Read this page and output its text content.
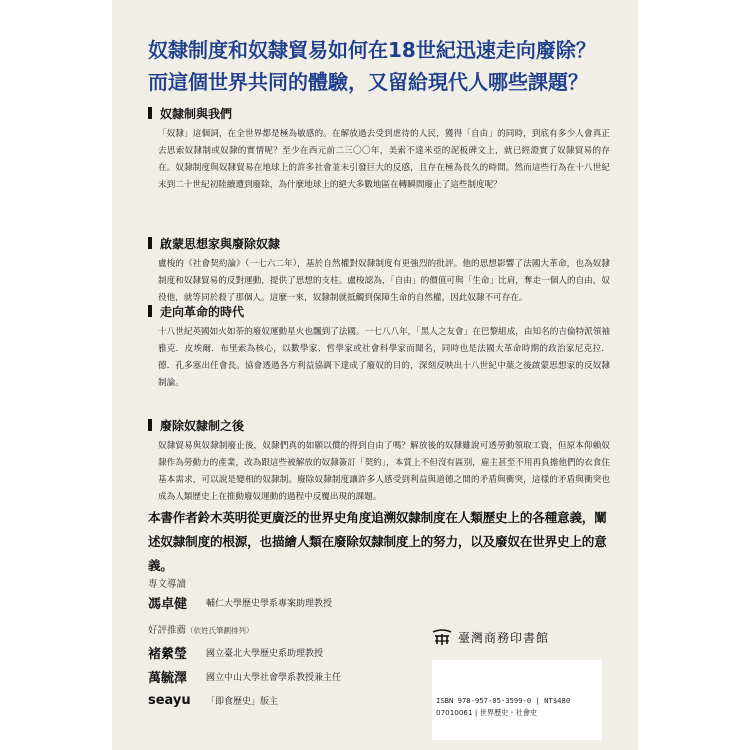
奴隸制度和奴隸貿易如何在18世紀迅速走向廢除？
而這個世界共同的體驗，又留給現代人哪些課題？
奴隸制與我們

「奴隸」這個詞，在全世界都是極為敏感的。在解放過去受到虐待的人民，獲得「自由」的同時，到底有多少人會真正去思索奴隸制或奴隸的實情呢？至少在西元前二三〇〇年，美索不達米亞的泥板碑文上，就已經證實了奴隸貿易的存在。奴隸制度與奴隸貿易在地球上的許多社會並未引發巨大的反感，且存在極為長久的時間。然而這些行為在十八世紀末到二十世紀初陸續遭到廢除，為什麼地球上的絕大多數地區在轉瞬間廢止了這些制度呢？

啟蒙思想家與廢除奴隸

盧梭的《社會契約論》（一七六二年），基於自然權對奴隸制度有更強烈的批評。他的思想影響了法國大革命，也為奴隸制度和奴隸貿易的反對運動，提供了思想的支柱。盧梭認為，「自由」的價值可與「生命」比肩，奪走一個人的自由，奴役他，就等同於殺了那個人。這麼一來，奴隸制就抵觸到保障生命的自然權，因此奴隸不可存在。

走向革命的時代

十八世紀英國如火如荼的廢奴運動星火也飄到了法國。一七八八年，「黑人之友會」在巴黎組成，由知名的吉倫特派領袖雅克．皮埃爾．布里索為核心，以數學家、哲學家或社會科學家而聞名，同時也是法國大革命時期的政治家尼克拉．德．孔多塞出任會長。協會透過各方利益協調下達成了廢奴的目的，深刻反映出十八世紀中葉之後啟蒙思想家的反奴隸制論。

廢除奴隸制之後

奴隸貿易與奴隸制廢止後，奴隸們真的如願以償的得到自由了嗎？解放後的奴隸雖說可透勞動領取工資，但原本仰賴奴隸作為勞動力的產業，改為跟這些被解放的奴隸簽訂「契約」，本質上不但沒有區別，雇主甚至不用再負擔他們的衣食住基本需求，可以說是變相的奴隸制。廢除奴隸制度讓許多人感受到利益與道德之間的矛盾與衝突，這樣的矛盾與衝突也成為人類歷史上在推動廢奴運動的過程中反覆出現的課題。

本書作者鈴木英明從更廣泛的世界史角度追溯奴隸制度在人類歷史上的各種意義，闡述奴隸制度的根源，也描繪人類在廢除奴隸制度上的努力，以及廢奴在世界史上的意義。

專文導讀
馮卓健	輔仁大學歷史學系專案助理教授
好評推薦（依姓氏筆劃排列）
褚縈瑩	國立臺北大學歷史系助理教授
萬毓澤	國立中山大學社會學系教授兼主任
seayu	「即食歷史」版主
臺灣商務印書館
ISBN 978-957-05-3599-0 | NT$480
07010061 | 世界歷史・社會史
